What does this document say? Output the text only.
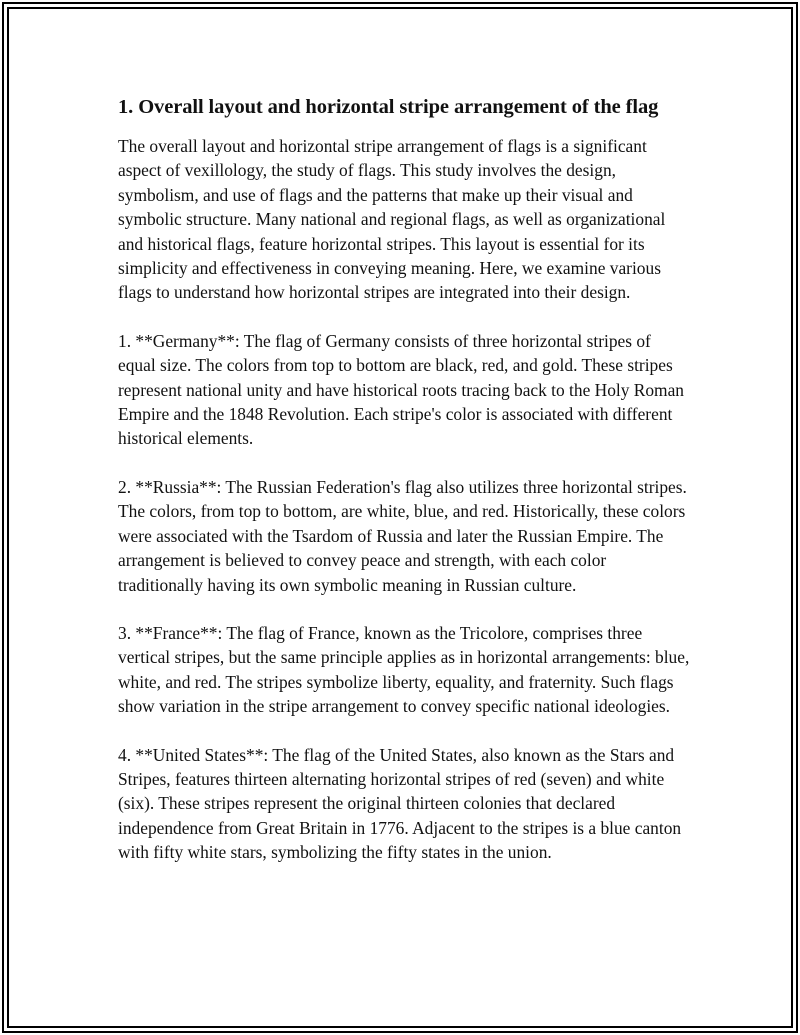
1. Overall layout and horizontal stripe arrangement of the flag

The overall layout and horizontal stripe arrangement of flags is a significant aspect of vexillology, the study of flags. This study involves the design, symbolism, and use of flags and the patterns that make up their visual and symbolic structure. Many national and regional flags, as well as organizational and historical flags, feature horizontal stripes. This layout is essential for its simplicity and effectiveness in conveying meaning. Here, we examine various flags to understand how horizontal stripes are integrated into their design.

1. **Germany**: The flag of Germany consists of three horizontal stripes of equal size. The colors from top to bottom are black, red, and gold. These stripes represent national unity and have historical roots tracing back to the Holy Roman Empire and the 1848 Revolution. Each stripe's color is associated with different historical elements.

2. **Russia**: The Russian Federation's flag also utilizes three horizontal stripes. The colors, from top to bottom, are white, blue, and red. Historically, these colors were associated with the Tsardom of Russia and later the Russian Empire. The arrangement is believed to convey peace and strength, with each color traditionally having its own symbolic meaning in Russian culture.

3. **France**: The flag of France, known as the Tricolore, comprises three vertical stripes, but the same principle applies as in horizontal arrangements: blue, white, and red. The stripes symbolize liberty, equality, and fraternity. Such flags show variation in the stripe arrangement to convey specific national ideologies.

4. **United States**: The flag of the United States, also known as the Stars and Stripes, features thirteen alternating horizontal stripes of red (seven) and white (six). These stripes represent the original thirteen colonies that declared independence from Great Britain in 1776. Adjacent to the stripes is a blue canton with fifty white stars, symbolizing the fifty states in the union.
